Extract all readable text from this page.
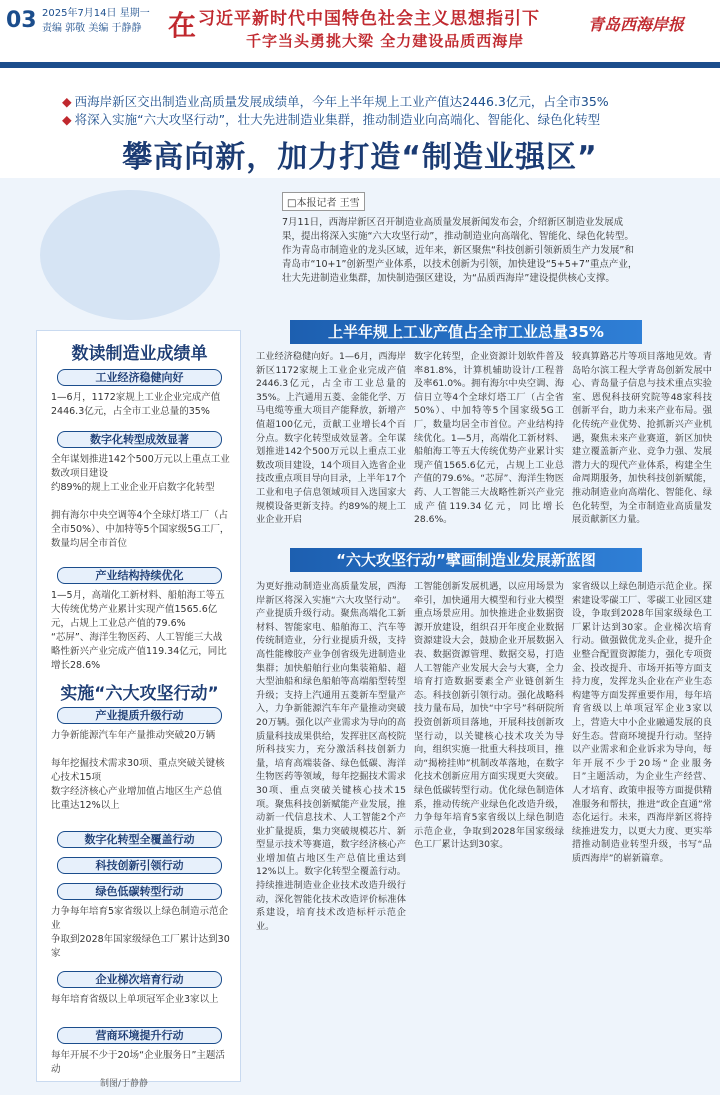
03 2025年7月14日 星期一
责编 郭敬 美编 于静静 在 习近平新时代中国特色社会主义思想指引下
千字当头勇挑大梁 全力建设品质西海岸
青岛西海岸报
◆ 西海岸新区交出制造业高质量发展成绩单，今年上半年规上工业产值达2446.3亿元，占全市35%
◆ 将深入实施“六大攻坚行动”，壮大先进制造业集群，推动制造业向高端化、智能化、绿色化转型
攀高向新，加力打造“制造业强区”
□本报记者 王雪
7月11日，西海岸新区召开制造业高质量发展新闻发布会，介绍新区制造业发展成果，提出将深入实施“六大攻坚行动”，推动制造业向高端化、智能化、绿色化转型。作为青岛市制造业的龙头区域，近年来，新区聚焦“科技创新引领新质生产力发展”和青岛市“10+1”创新型产业体系，以技术创新为引领，加快建设“5+5+7”重点产业，壮大先进制造业集群，加快制造强区建设，为“品质西海岸”建设提供核心支撑。
数读制造业成绩单
工业经济稳健向好
1—6月，1172家规上工业企业完成产值2446.3亿元，占全市工业总量的35%
数字化转型成效显著
全年谋划推进142个500万元以上重点工业数改项目建设
约89%的规上工业企业开启数字化转型
拥有海尔中央空调等4个全球灯塔工厂（占全市50%）、中加特等5个国家级5G工厂，数量均居全市首位
产业结构持续优化
1—5月，高端化工新材料、船舶海工等五大传统优势产业累计实现产值1565.6亿元，占规上工业总产值的79.6%
“芯屏”、海洋生物医药、人工智能三大战略性新兴产业完成产值119.34亿元，同比增长28.6%
实施“六大攻坚行动”
产业提质升级行动
力争新能源汽车年产量推动突破20万辆
每年挖掘技术需求30项、重点突破关键核心技术15项
数字经济核心产业增加值占地区生产总值比重达12%以上
数字化转型全覆盖行动
科技创新引领行动
绿色低碳转型行动
力争每年培育5家省级以上绿色制造示范企业
争取到2028年国家级绿色工厂累计达到30家
企业梯次培育行动
每年培育省级以上单项冠军企业3家以上
营商环境提升行动
每年开展不少于20场“企业服务日”主题活动
制图/于静静
上半年规上工业产值占全市工业总量35%
工业经济稳健向好。1—6月，西海岸新区1172家规上工业企业完成产值2446.3亿元，占全市工业总量的35%。上汽通用五菱、金能化学、万马电缆等重大项目产能释放，新增产值超100亿元，贡献工业增长4个百分点。数字化转型成效显著。全年谋划推进142个500万元以上重点工业数改项目建设，14个项目入选省企业技改重点项目导向目录，上半年17个工业和电子信息领域项目入选国家大规模设备更新支持。约89%的规上工业企业开启
数字化转型，企业资源计划软件普及率81.8%，计算机辅助设计/工程普及率61.0%。拥有海尔中央空调、海信日立等4个全球灯塔工厂（占全省50%）、中加特等5个国家级5G工厂，数量均居全市首位。产业结构持续优化。1—5月，高端化工新材料、船舶海工等五大传统优势产业累计实现产值1565.6亿元，占规上工业总产值的79.6%。“芯屏”、海洋生物医药、人工智能三大战略性新兴产业完成产值119.34亿元，同比增长28.6%。
较真算路芯片等项目落地见效。青岛哈尔滨工程大学青岛创新发展中心、青岛量子信息与技术重点实验室、恩倪科技研究院等48家科技创新平台，助力未来产业布局。强化传统产业优势、抢抓新兴产业机遇，聚焦未来产业赛道，新区加快建立覆盖新产业、竞争力强、发展潜力大的现代产业体系，构建全生命周期服务，加快科技创新赋能，推动制造业向高端化、智能化、绿色化转型，为全市制造业高质量发展贡献新区力量。
“六大攻坚行动”擘画制造业发展新蓝图
为更好推动制造业高质量发展，西海岸新区将深入实施“六大攻坚行动”。产业提质升级行动。聚焦高端化工新材料、智能家电、船舶海工、汽车等传统制造业，分行业提质升级，支持高性能橡胶产业争创省级先进制造业集群；加快船舶行业向集装箱船、超大型油船和绿色船舶等高端船型转型升级；支持上汽通用五菱新车型量产入，力争新能源汽车年产量推动突破20万辆。强化以产业需求为导向的高质量科技成果供给，发挥驻区高校院所科技实力，充分激活科技创新力量，培育高端装备、绿色低碳、海洋生物医药等领域，每年挖掘技术需求30项、重点突破关键核心技术15项。聚焦科技创新赋能产业发展，推动新一代信息技术、人工智能2个产业扩量提质，集力突破规模芯片、新型显示技术等赛道，数字经济核心产业增加值占地区生产总值比重达到12%以上。数字化转型全覆盖行动。持续推进制造业企业技术改造升级行动，深化智能化技术改造评价标准体系建设，培育技术改造标杆示范企业。
工智能创新发展机遇，以应用场景为牵引，加快通用大模型和行业大模型重点场景应用。加快推进企业数据资源开放建设，组织召开年度企业数据资源建设大会，鼓励企业开展数据入表、数据资源管理、数据交易，打造人工智能产业发展大会与大赛，全力培育打造数据要素全产业链创新生态。科技创新引领行动。强化战略科技力量布局，加快“中字号”科研院所投资创新项目落地，开展科技创新攻坚行动，以关键核心技术攻关为导向，组织实施一批重大科技项目，推动“揭榜挂帅”机制改革落地，在数字化技术创新应用方面实现更大突破。绿色低碳转型行动。优化绿色制造体系，推动传统产业绿色化改造升级，力争每年培育5家省级以上绿色制造示范企业，争取到2028年国家级绿色工厂累计达到30家。
家省级以上绿色制造示范企业。探索建设零碳工厂、零碳工业园区建设，争取到2028年国家级绿色工厂累计达到30家。企业梯次培育行动。做强做优龙头企业，提升企业整合配置资源能力，强化专项资金、投改提升、市场开拓等方面支持力度，发挥龙头企业在产业生态构建等方面发挥重要作用，每年培育省级以上单项冠军企业3家以上，营造大中小企业融通发展的良好生态。营商环境提升行动。坚持以产业需求和企业诉求为导向，每年开展不少于20场“企业服务日”主题活动，为企业生产经营、人才培育、政策申报等方面提供精准服务和帮扶，推进“政企直通”常态化运行。未来，西海岸新区将持续推进发力，以更大力度、更实举措推动制造业转型升级，书写“品质西海岸”的崭新篇章。
